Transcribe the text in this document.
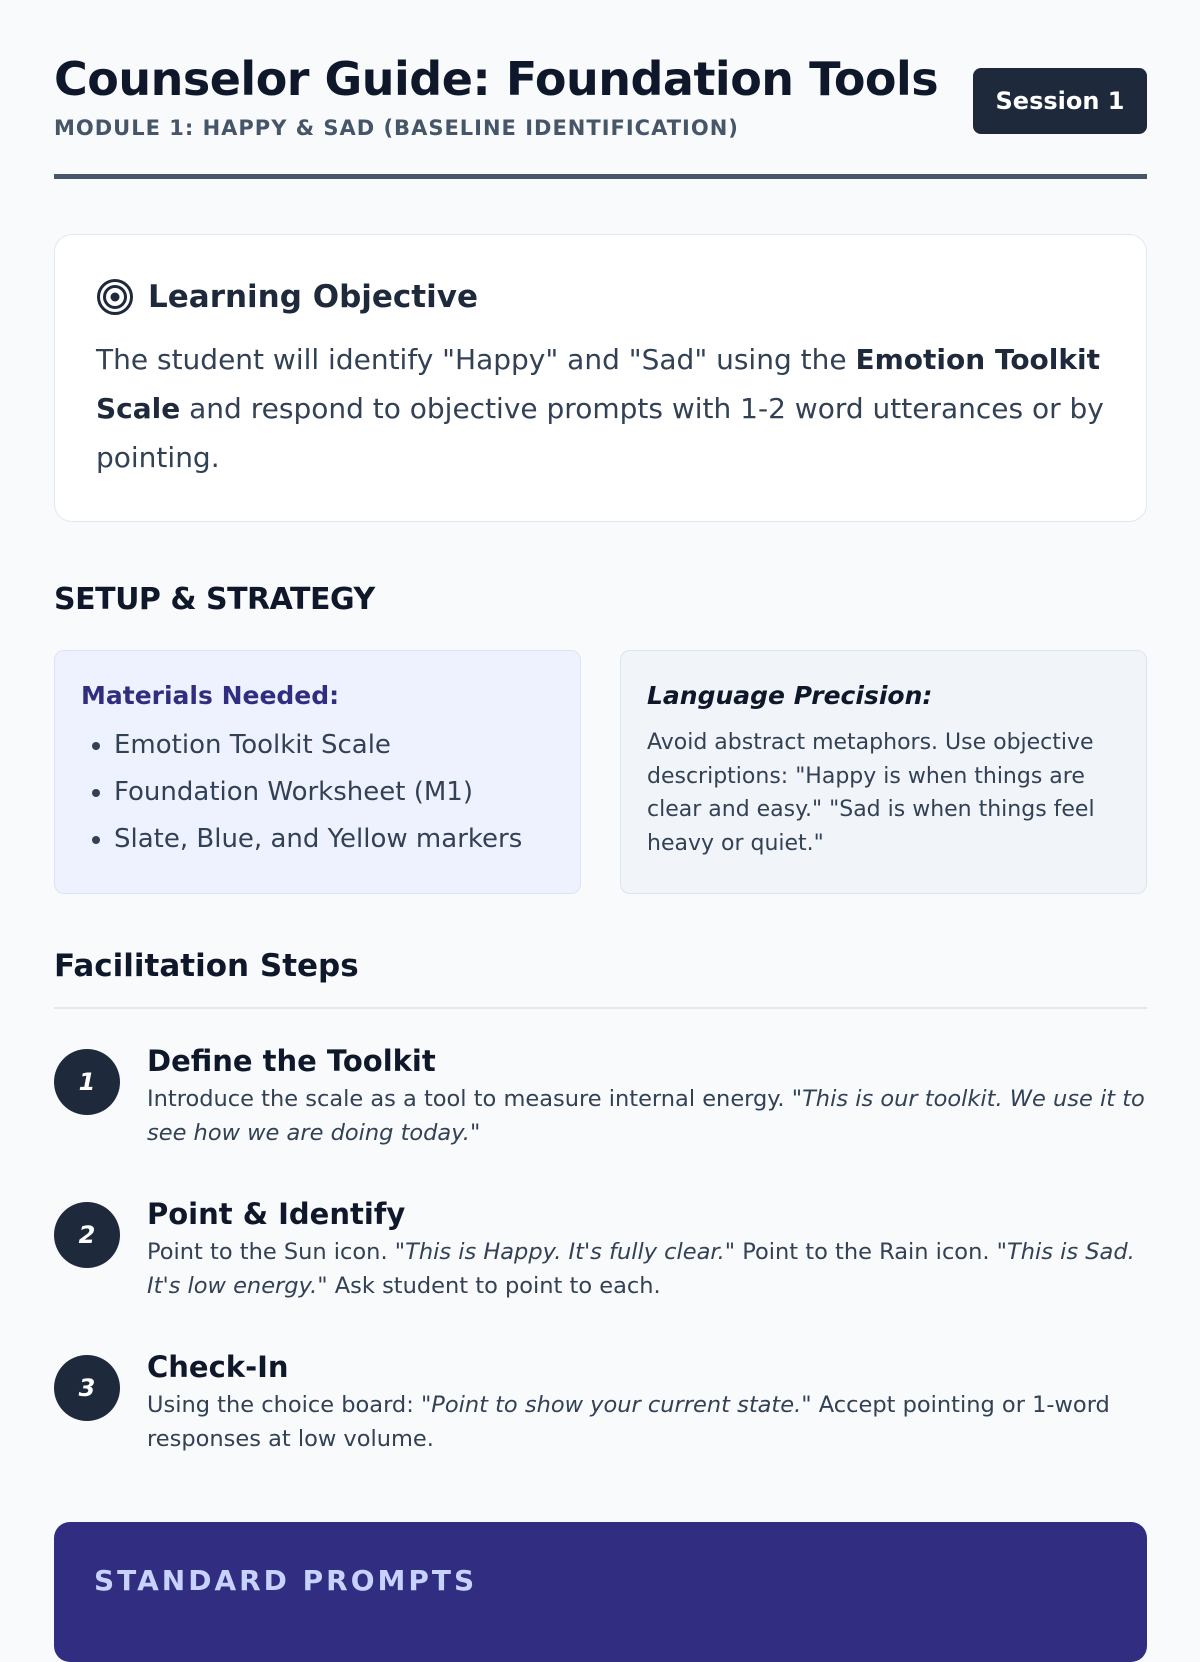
Counselor Guide: Foundation Tools
MODULE 1: HAPPY & SAD (BASELINE IDENTIFICATION)
Session 1
Learning Objective
The student will identify "Happy" and "Sad" using the Emotion Toolkit Scale and respond to objective prompts with 1-2 word utterances or by pointing.
SETUP & STRATEGY
Materials Needed:
• Emotion Toolkit Scale
• Foundation Worksheet (M1)
• Slate, Blue, and Yellow markers
Language Precision:
Avoid abstract metaphors. Use objective descriptions: "Happy is when things are clear and easy." "Sad is when things feel heavy or quiet."
Facilitation Steps
1
Define the Toolkit
Introduce the scale as a tool to measure internal energy. "This is our toolkit. We use it to see how we are doing today."
2
Point & Identify
Point to the Sun icon. "This is Happy. It's fully clear." Point to the Rain icon. "This is Sad. It's low energy." Ask student to point to each.
3
Check-In
Using the choice board: "Point to show your current state." Accept pointing or 1-word responses at low volume.
STANDARD PROMPTS
